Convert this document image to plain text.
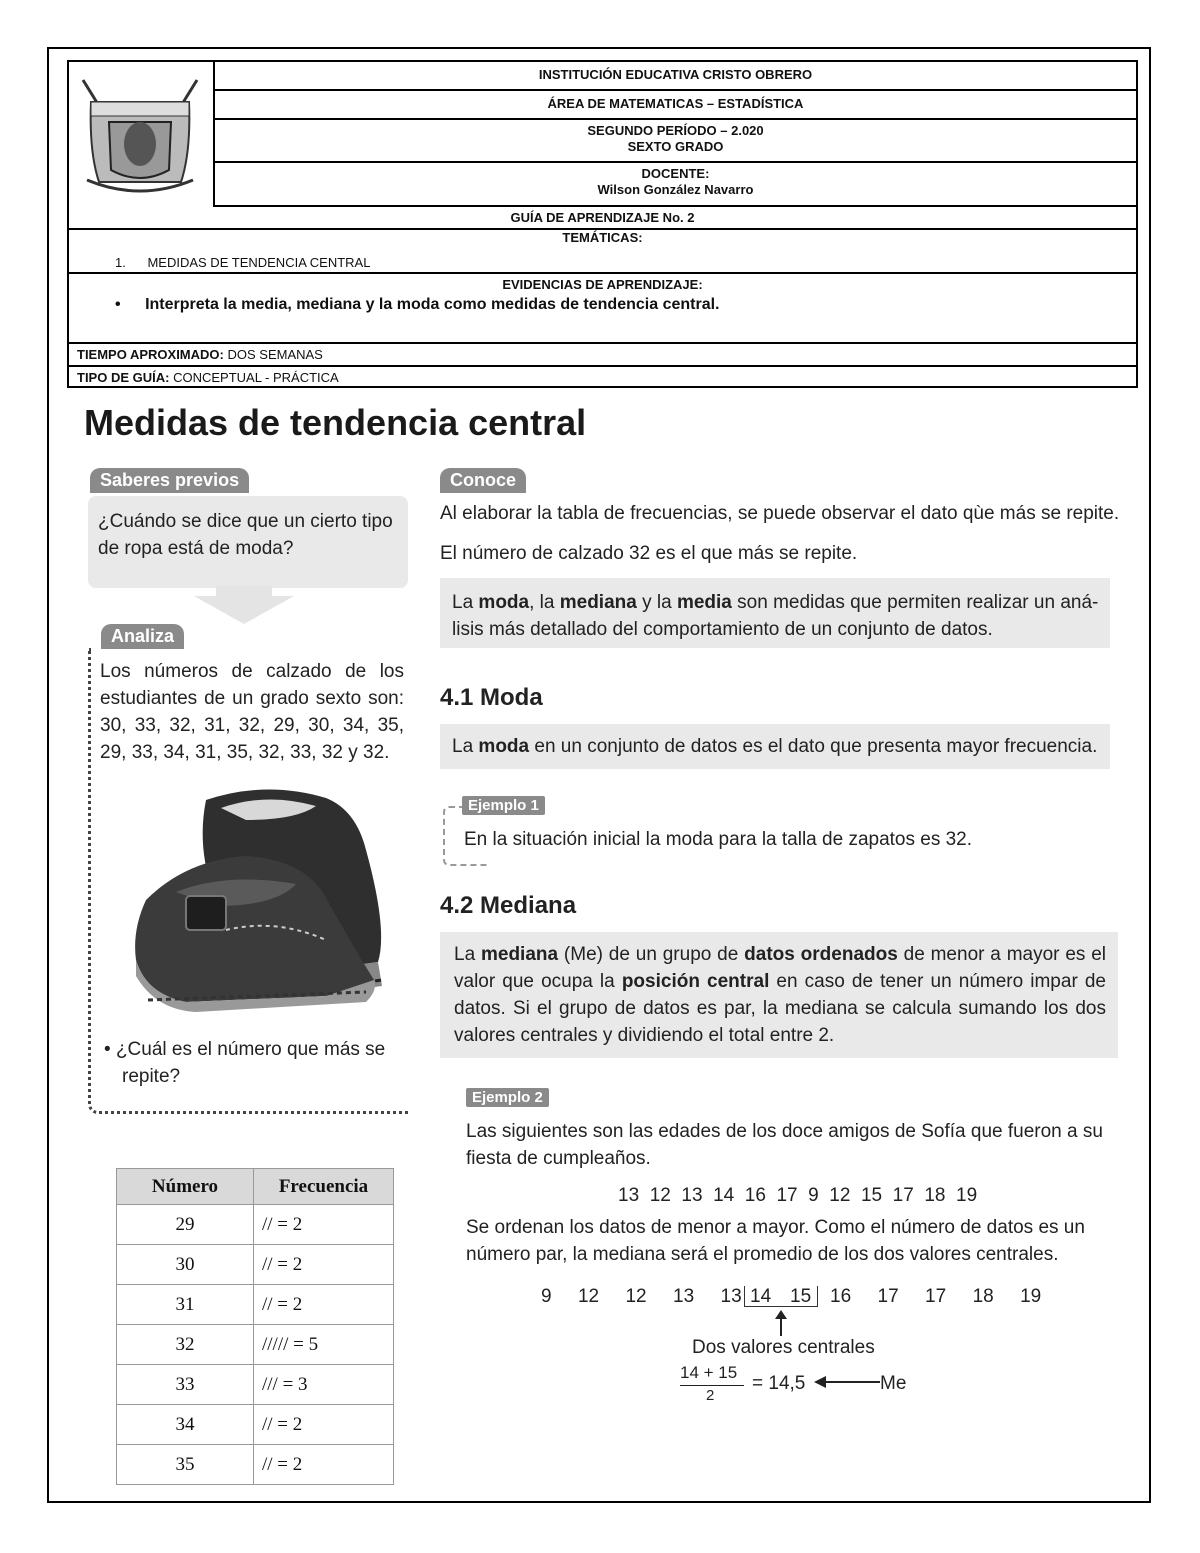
INSTITUCIÓN EDUCATIVA CRISTO OBRERO
ÁREA DE MATEMATICAS – ESTADÍSTICA
SEGUNDO PERÍODO – 2.020
SEXTO GRADO
DOCENTE:
Wilson González Navarro
GUÍA DE APRENDIZAJE No. 2
TEMÁTICAS:
1. MEDIDAS DE TENDENCIA CENTRAL
EVIDENCIAS DE APRENDIZAJE:
• Interpreta la media, mediana y la moda como medidas de tendencia central.
TIEMPO APROXIMADO: DOS SEMANAS
TIPO DE GUÍA: CONCEPTUAL - PRÁCTICA
Medidas de tendencia central
Saberes previos
¿Cuándo se dice que un cierto tipo de ropa está de moda?
Analiza
Los números de calzado de los estudiantes de un grado sexto son: 30, 33, 32, 31, 32, 29, 30, 34, 35, 29, 33, 34, 31, 35, 32, 33, 32 y 32.
• ¿Cuál es el número que más se repite?
Número	Frecuencia
29	// = 2
30	// = 2
31	// = 2
32	///// = 5
33	/// = 3
34	// = 2
35	// = 2
Conoce
Al elaborar la tabla de frecuencias, se puede observar el dato qùe más se repite.
El número de calzado 32 es el que más se repite.
La moda, la mediana y la media son medidas que permiten realizar un aná- lisis más detallado del comportamiento de un conjunto de datos.
4.1 Moda
La moda en un conjunto de datos es el dato que presenta mayor frecuencia.
Ejemplo 1
En la situación inicial la moda para la talla de zapatos es 32.
4.2 Mediana
La mediana (Me) de un grupo de datos ordenados de menor a mayor es el valor que ocupa la posición central en caso de tener un número impar de datos. Si el grupo de datos es par, la mediana se calcula sumando los dos valores centrales y dividiendo el total entre 2.
Ejemplo 2
Las siguientes son las edades de los doce amigos de Sofía que fueron a su fiesta de cumpleaños.
13  12  13  14  16  17  9  12  15  17  18  19
Se ordenan los datos de menor a mayor. Como el número de datos es un número par, la mediana será el promedio de los dos valores centrales.
9     12     12     13     13 14 15 16     17     17     18     19
Dos valores centrales
14 + 15
2
= 14,5	Me
